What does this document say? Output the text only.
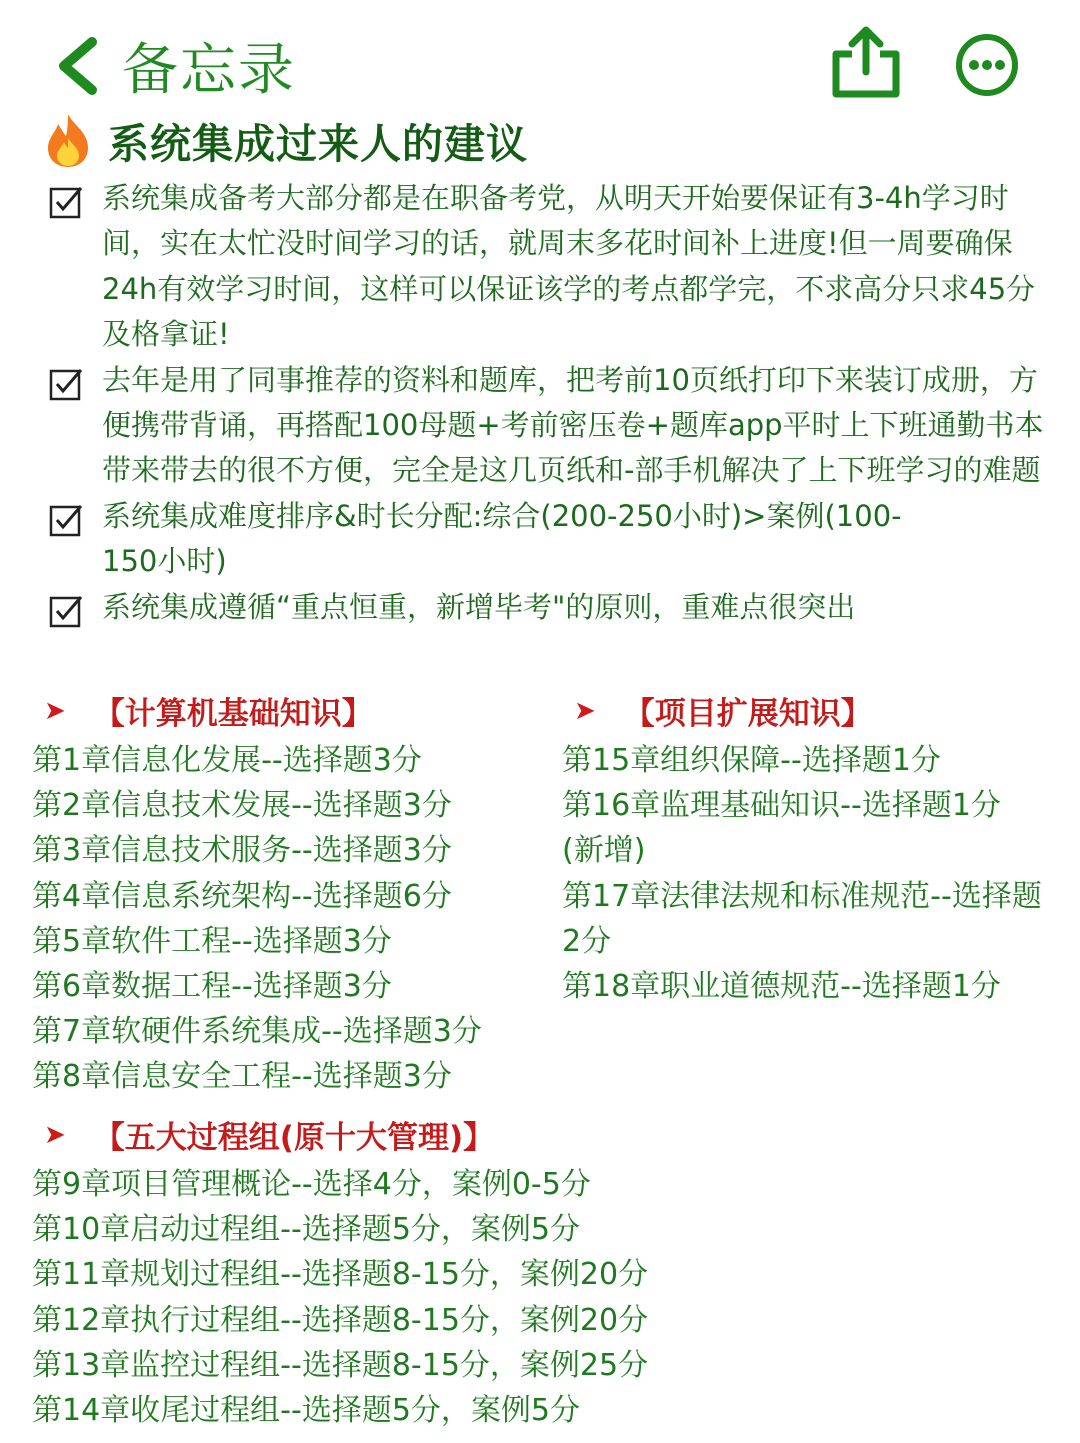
备忘录
系统集成过来人的建议
系统集成备考大部分都是在职备考党，从明天开始要保证有3-4h学习时间，实在太忙没时间学习的话，就周末多花时间补上进度!但一周要确保24h有效学习时间，这样可以保证该学的考点都学完，不求高分只求45分及格拿证!
去年是用了同事推荐的资料和题库，把考前10页纸打印下来装订成册，方便携带背诵，再搭配100母题+考前密压卷+题库app平时上下班通勤书本带来带去的很不方便，完全是这几页纸和-部手机解决了上下班学习的难题
系统集成难度排序&时长分配:综合(200-250小时)>案例(100-150小时)
系统集成遵循“重点恒重，新增毕考"的原则，重难点很突出
➤ 【计算机基础知识】
第1章信息化发展--选择题3分
第2章信息技术发展--选择题3分
第3章信息技术服务--选择题3分
第4章信息系统架构--选择题6分
第5章软件工程--选择题3分
第6章数据工程--选择题3分
第7章软硬件系统集成--选择题3分
第8章信息安全工程--选择题3分
➤ 【项目扩展知识】
第15章组织保障--选择题1分
第16章监理基础知识--选择题1分(新增)
第17章法律法规和标准规范--选择题2分
第18章职业道德规范--选择题1分
➤ 【五大过程组(原十大管理)】
第9章项目管理概论--选择4分，案例0-5分
第10章启动过程组--选择题5分，案例5分
第11章规划过程组--选择题8-15分，案例20分
第12章执行过程组--选择题8-15分，案例20分
第13章监控过程组--选择题8-15分，案例25分
第14章收尾过程组--选择题5分，案例5分
